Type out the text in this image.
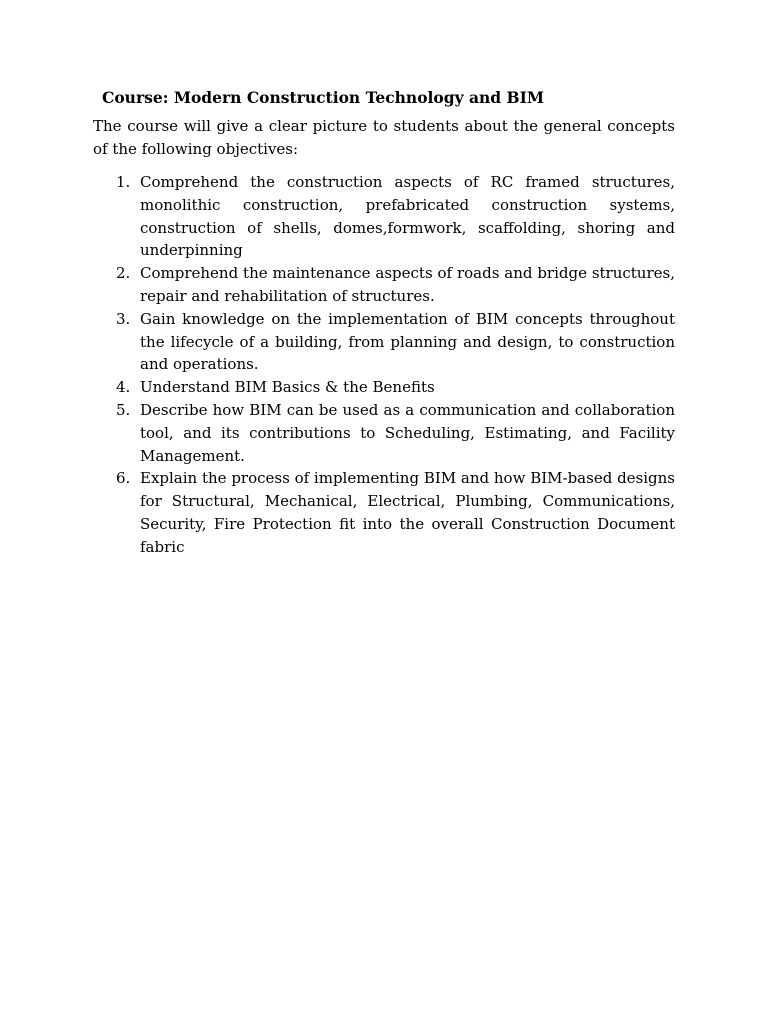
Course: Modern Construction Technology and BIM

The course will give a clear picture to students about the general concepts of the following objectives:

1. Comprehend the construction aspects of RC framed structures, monolithic construction, prefabricated construction systems, construction of shells, domes,formwork, scaffolding, shoring and underpinning
2. Comprehend the maintenance aspects of roads and bridge structures, repair and rehabilitation of structures.
3. Gain knowledge on the implementation of BIM concepts throughout the lifecycle of a building, from planning and design, to construction and operations.
4. Understand BIM Basics & the Benefits
5. Describe how BIM can be used as a communication and collaboration tool, and its contributions to Scheduling, Estimating, and Facility Management.
6. Explain the process of implementing BIM and how BIM-based designs for Structural, Mechanical, Electrical, Plumbing, Communications, Security, Fire Protection fit into the overall Construction Document fabric
